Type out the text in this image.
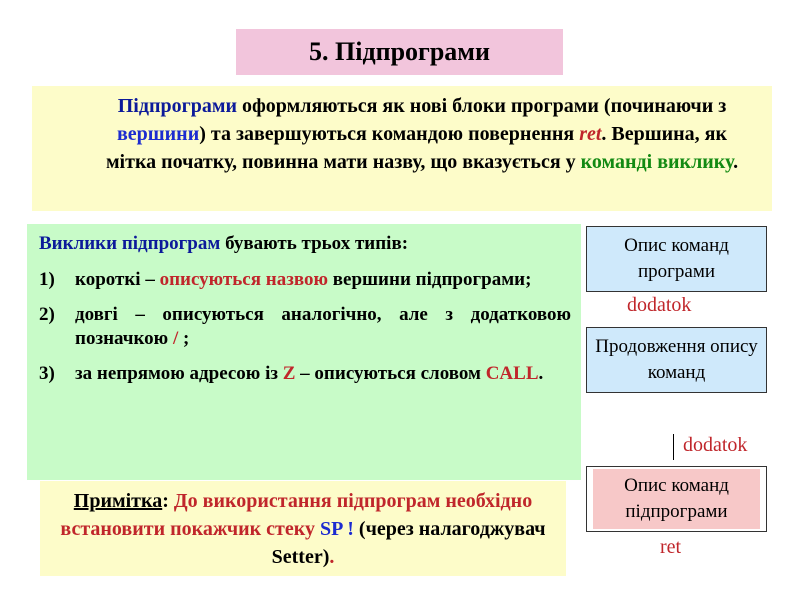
5. Підпрограми
Підпрограми оформляються як нові блоки програми (починаючи з вершини) та завершуються командою повернення ret. Вершина, як мітка початку, повинна мати назву, що вказується у команді виклику.

Виклики підпрограм бувають трьох типів:

1)	короткі – описуються назвою вершини підпрограми;
2)	довгі – описуються аналогічно, але з додатковою позначкою / ;
3)	за непрямою адресою із Z – описуються словом CALL.
Примітка: До використання підпрограм необхідно встановити покажчик стеку SP ! (через налагоджувач Setter).
Опис команд програми
dodatok
Продовження опису команд
dodatok
Опис команд підпрограми
ret
